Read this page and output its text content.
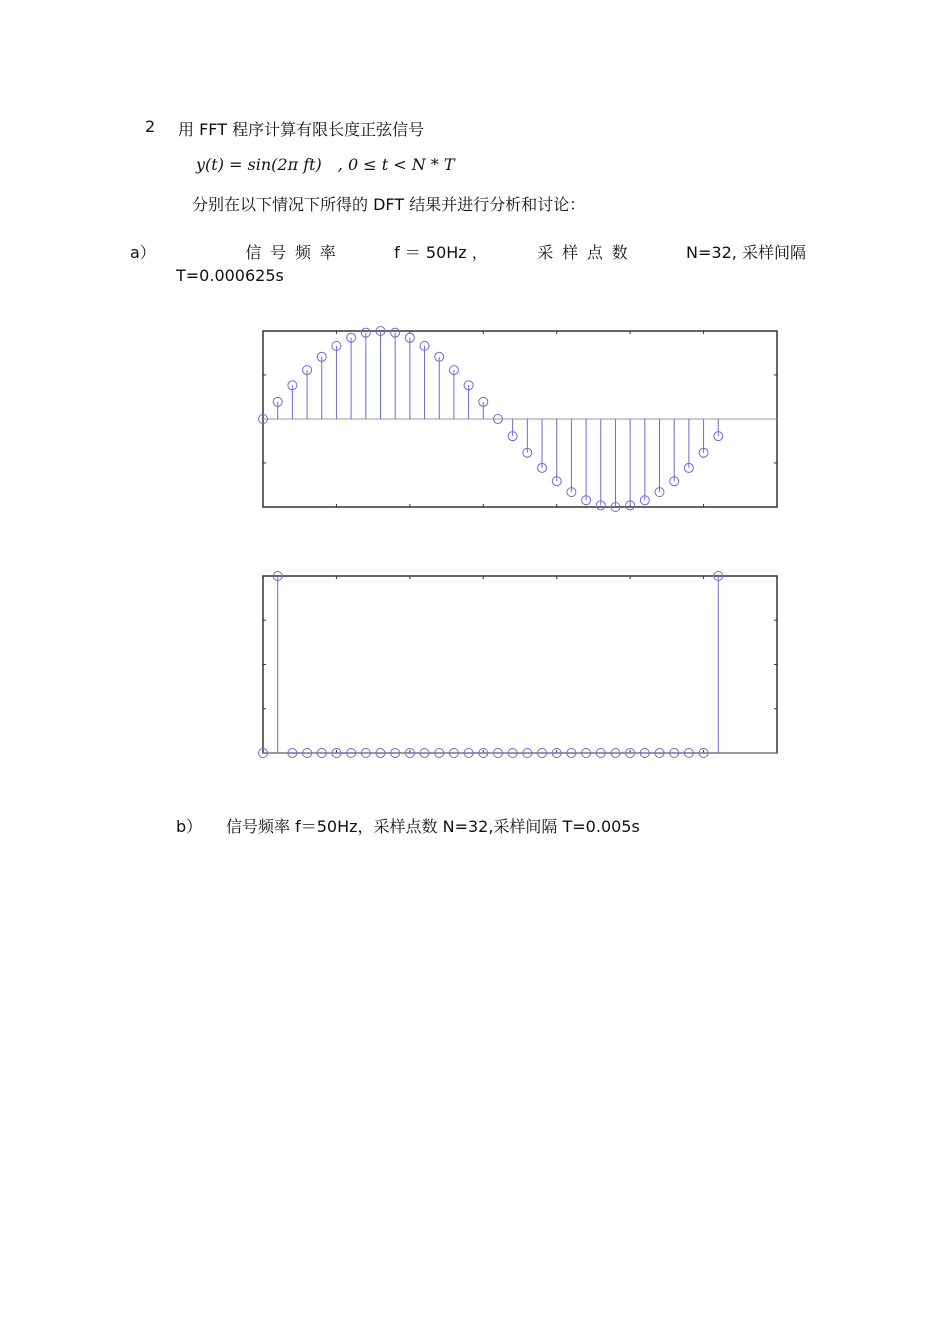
2 用 FFT 程序计算有限长度正弦信号
y(t) = sin(2π ft)　, 0 ≤ t < N * T
分别在以下情况下所得的 DFT 结果并进行分析和讨论：
a）	信号频率	f ＝ 50Hz ，	采样点数	N=32, 采样间隔
T=0.000625s
b） 信号频率 f＝50Hz，采样点数 N=32,采样间隔 T=0.005s
